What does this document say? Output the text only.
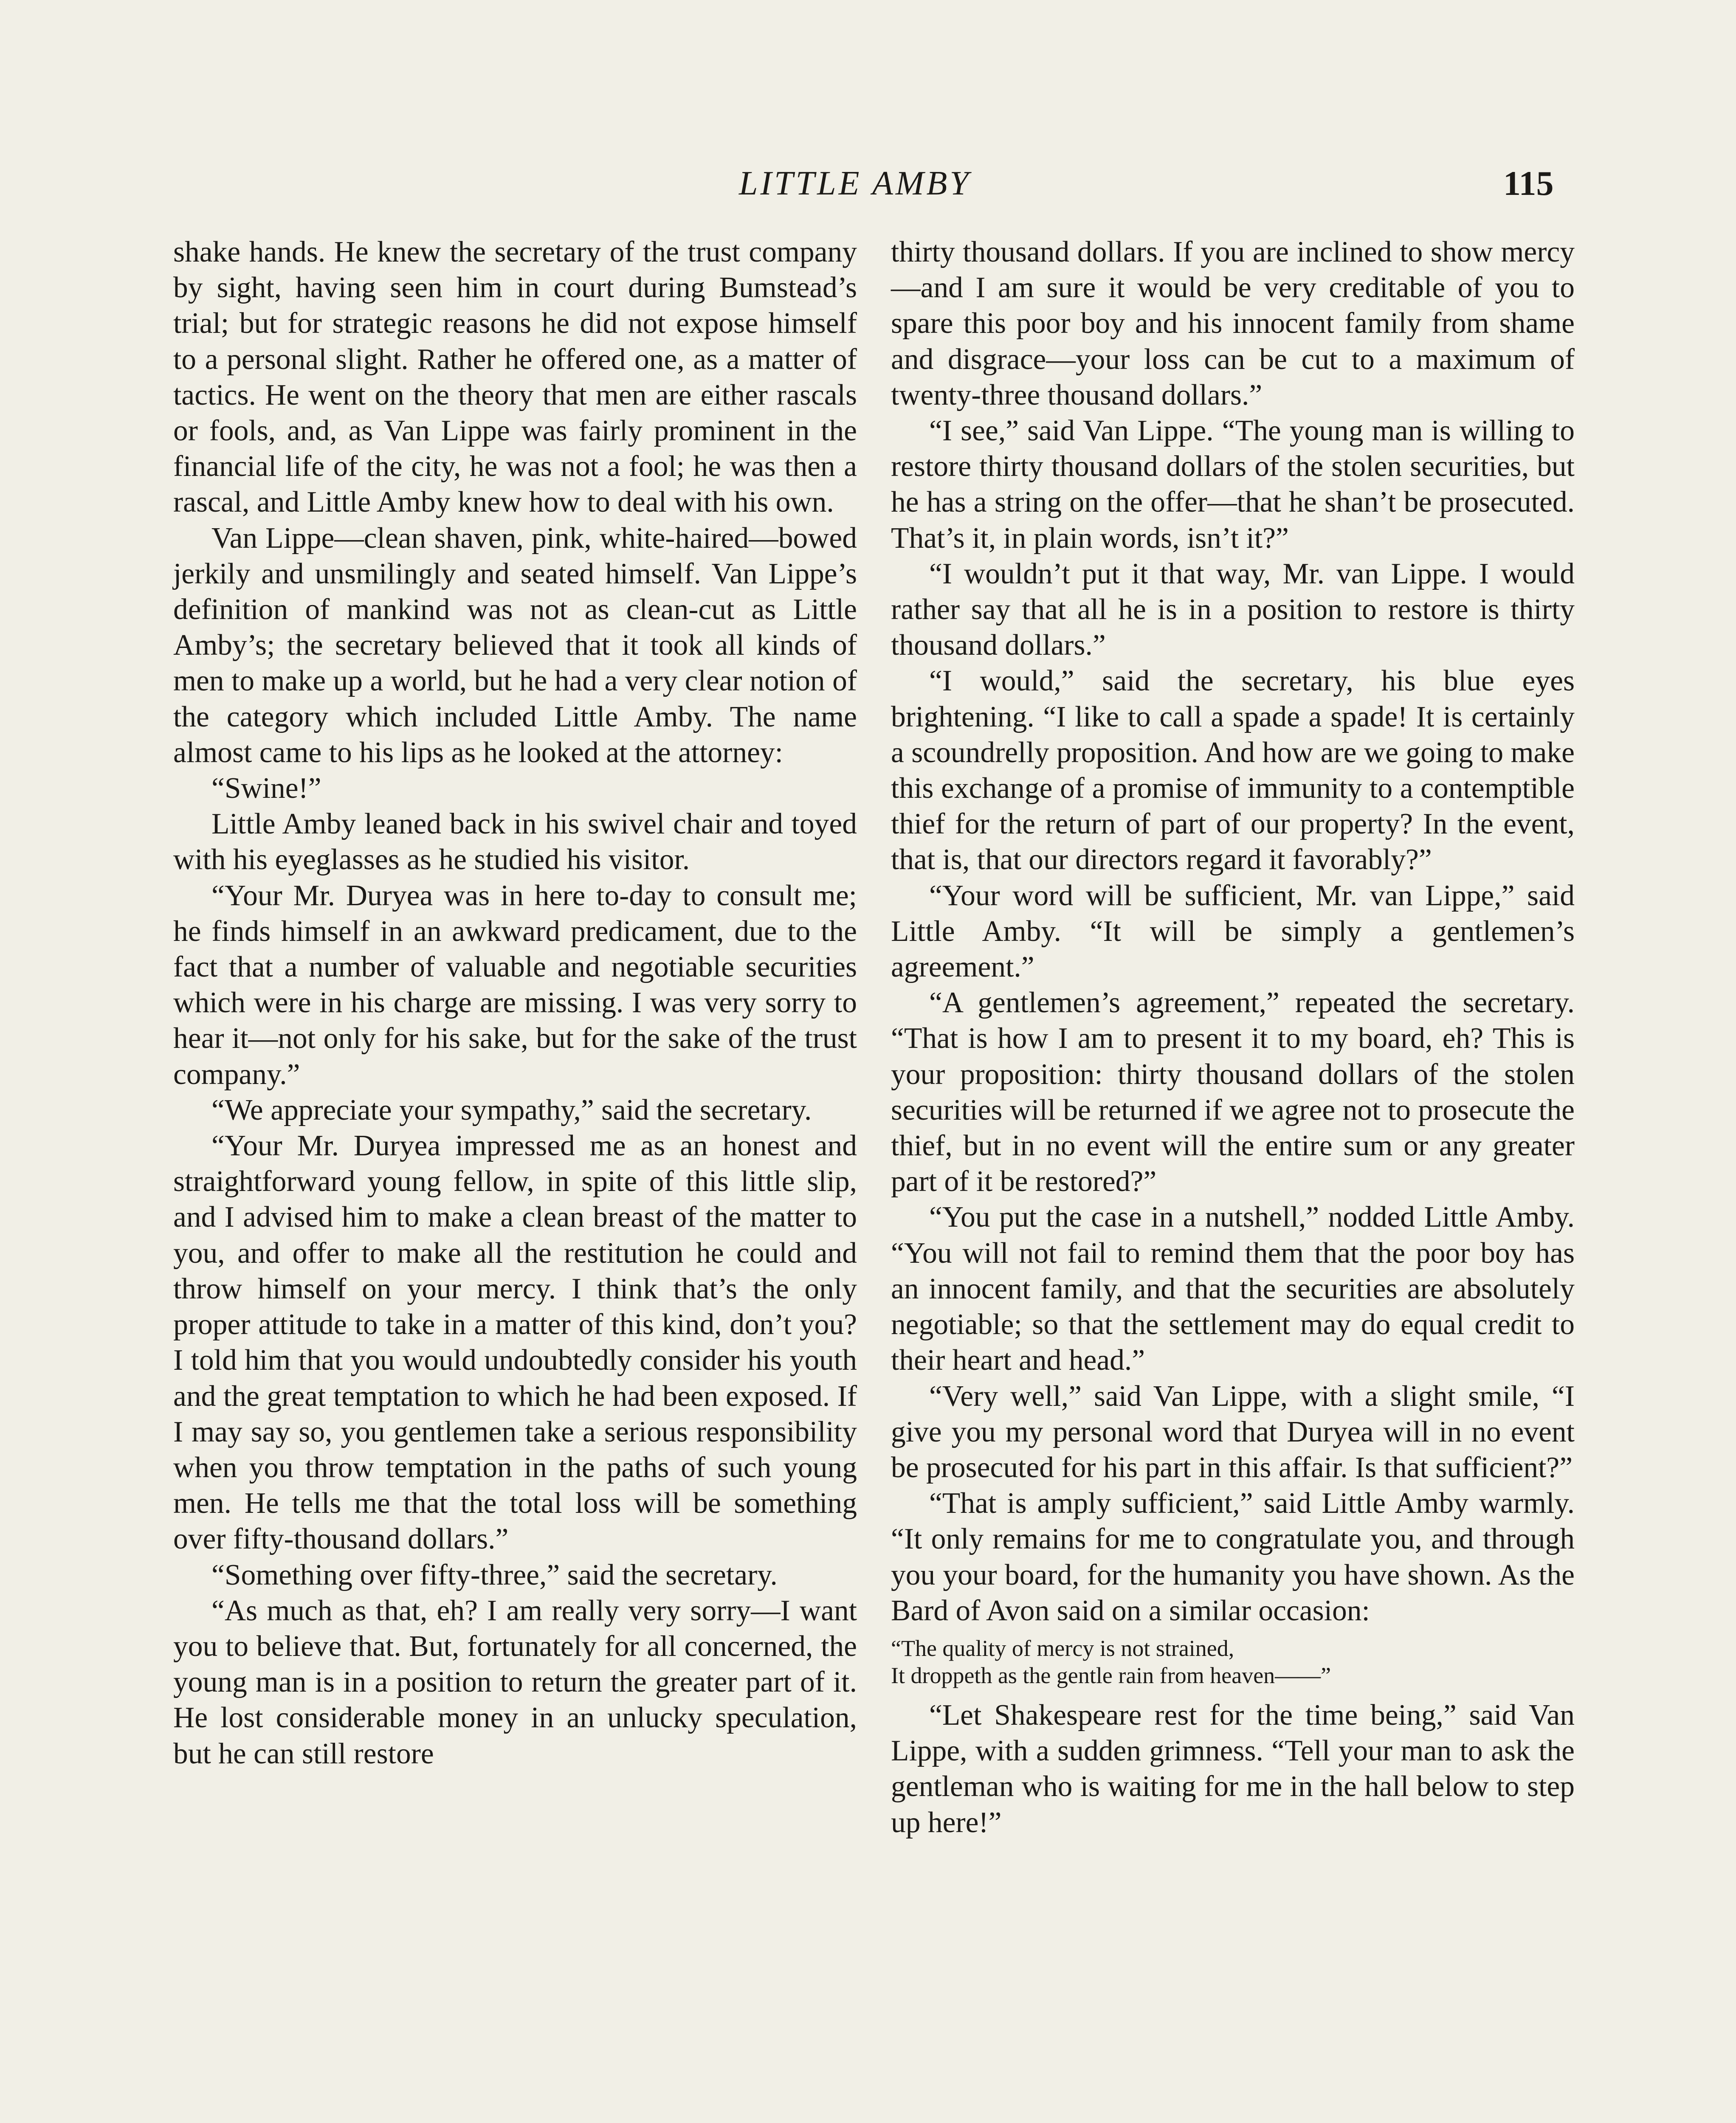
LITTLE AMBY	115

shake hands. He knew the secretary of the trust company by sight, having seen him in court during Bumstead’s trial; but for strategic reasons he did not expose himself to a personal slight. Rather he offered one, as a matter of tactics. He went on the theory that men are either rascals or fools, and, as Van Lippe was fairly prominent in the financial life of the city, he was not a fool; he was then a rascal, and Little Amby knew how to deal with his own.

Van Lippe—clean shaven, pink, white-haired—bowed jerkily and unsmilingly and seated himself. Van Lippe’s definition of mankind was not as clean-cut as Little Amby’s; the secretary believed that it took all kinds of men to make up a world, but he had a very clear notion of the category which included Little Amby. The name almost came to his lips as he looked at the attorney:

“Swine!”

Little Amby leaned back in his swivel chair and toyed with his eyeglasses as he studied his visitor.

“Your Mr. Duryea was in here to-day to consult me; he finds himself in an awkward predicament, due to the fact that a number of valuable and negotiable securities which were in his charge are missing. I was very sorry to hear it—not only for his sake, but for the sake of the trust company.”

“We appreciate your sympathy,” said the secretary.

“Your Mr. Duryea impressed me as an honest and straightforward young fellow, in spite of this little slip, and I advised him to make a clean breast of the matter to you, and offer to make all the restitution he could and throw himself on your mercy. I think that’s the only proper attitude to take in a matter of this kind, don’t you? I told him that you would undoubtedly consider his youth and the great temptation to which he had been exposed. If I may say so, you gentlemen take a serious responsibility when you throw temptation in the paths of such young men. He tells me that the total loss will be something over fifty-thousand dollars.”

“Something over fifty-three,” said the secretary.

“As much as that, eh? I am really very sorry—I want you to believe that. But, fortunately for all concerned, the young man is in a position to return the greater part of it. He lost considerable money in an unlucky speculation, but he can still restore

thirty thousand dollars. If you are inclined to show mercy—and I am sure it would be very creditable of you to spare this poor boy and his innocent family from shame and disgrace—your loss can be cut to a maximum of twenty-three thousand dollars.”

“I see,” said Van Lippe. “The young man is willing to restore thirty thousand dollars of the stolen securities, but he has a string on the offer—that he shan’t be prosecuted. That’s it, in plain words, isn’t it?”

“I wouldn’t put it that way, Mr. van Lippe. I would rather say that all he is in a position to restore is thirty thousand dollars.”

“I would,” said the secretary, his blue eyes brightening. “I like to call a spade a spade! It is certainly a scoundrelly proposition. And how are we going to make this exchange of a promise of immunity to a contemptible thief for the return of part of our property? In the event, that is, that our directors regard it favorably?”

“Your word will be sufficient, Mr. van Lippe,” said Little Amby. “It will be simply a gentlemen’s agreement.”

“A gentlemen’s agreement,” repeated the secretary. “That is how I am to present it to my board, eh? This is your proposition: thirty thousand dollars of the stolen securities will be returned if we agree not to prosecute the thief, but in no event will the entire sum or any greater part of it be restored?”

“You put the case in a nutshell,” nodded Little Amby. “You will not fail to remind them that the poor boy has an innocent family, and that the securities are absolutely negotiable; so that the settlement may do equal credit to their heart and head.”

“Very well,” said Van Lippe, with a slight smile, “I give you my personal word that Duryea will in no event be prosecuted for his part in this affair. Is that sufficient?”

“That is amply sufficient,” said Little Amby warmly. “It only remains for me to congratulate you, and through you your board, for the humanity you have shown. As the Bard of Avon said on a similar occasion:

“The quality of mercy is not strained,
It droppeth as the gentle rain from heaven——”

“Let Shakespeare rest for the time being,” said Van Lippe, with a sudden grimness. “Tell your man to ask the gentleman who is waiting for me in the hall below to step up here!”
